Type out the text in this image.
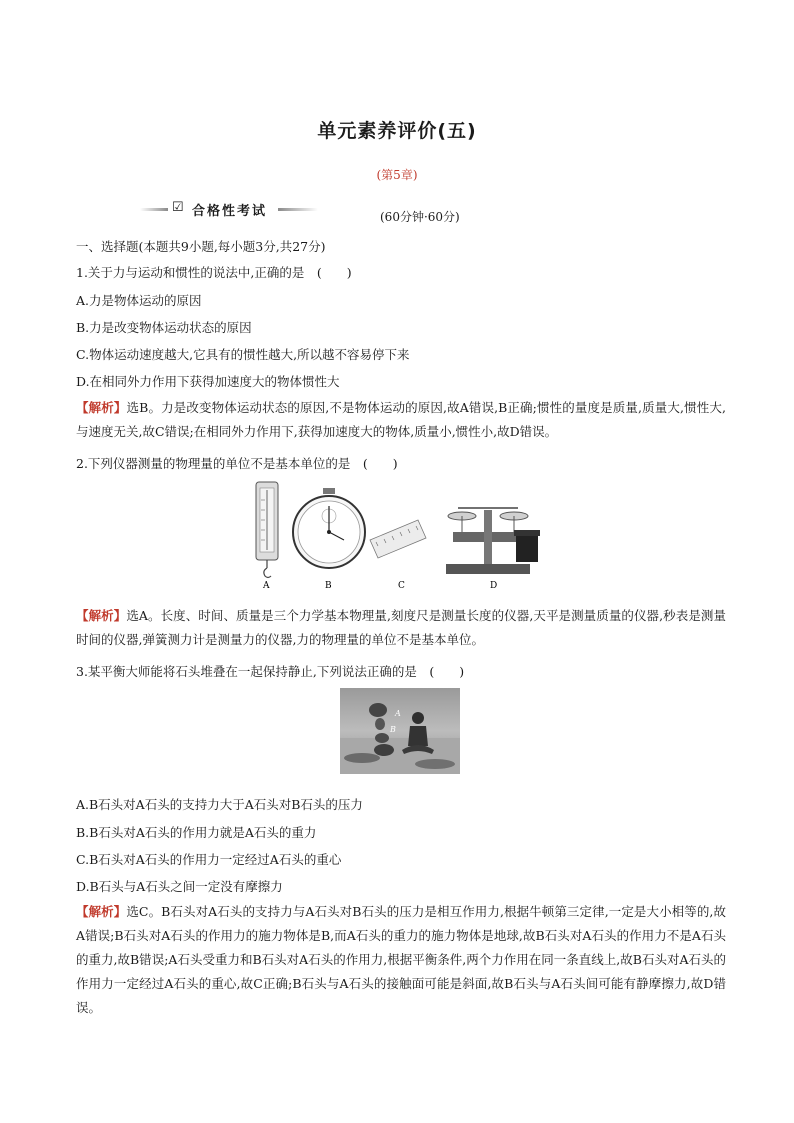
单元素养评价(五)
(第5章)
☑ 合格性考试	(60分钟·60分)
一、选择题(本题共9小题,每小题3分,共27分)
1.关于力与运动和惯性的说法中,正确的是　(　　)
A.力是物体运动的原因
B.力是改变物体运动状态的原因
C.物体运动速度越大,它具有的惯性越大,所以越不容易停下来
D.在相同外力作用下获得加速度大的物体惯性大
【解析】选B。力是改变物体运动状态的原因,不是物体运动的原因,故A错误,B正确;惯性的量度是质量,质量大,惯性大,与速度无关,故C错误;在相同外力作用下,获得加速度大的物体,质量小,惯性小,故D错误。
2.下列仪器测量的物理量的单位不是基本单位的是　(　　)
A	B	C	D
【解析】选A。长度、时间、质量是三个力学基本物理量,刻度尺是测量长度的仪器,天平是测量质量的仪器,秒表是测量时间的仪器,弹簧测力计是测量力的仪器,力的物理量的单位不是基本单位。
3.某平衡大师能将石头堆叠在一起保持静止,下列说法正确的是　(　　)
A
B
A.B石头对A石头的支持力大于A石头对B石头的压力
B.B石头对A石头的作用力就是A石头的重力
C.B石头对A石头的作用力一定经过A石头的重心
D.B石头与A石头之间一定没有摩擦力
【解析】选C。B石头对A石头的支持力与A石头对B石头的压力是相互作用力,根据牛顿第三定律,一定是大小相等的,故A错误;B石头对A石头的作用力的施力物体是B,而A石头的重力的施力物体是地球,故B石头对A石头的作用力不是A石头的重力,故B错误;A石头受重力和B石头对A石头的作用力,根据平衡条件,两个力作用在同一条直线上,故B石头对A石头的作用力一定经过A石头的重心,故C正确;B石头与A石头的接触面可能是斜面,故B石头与A石头间可能有静摩擦力,故D错误。
